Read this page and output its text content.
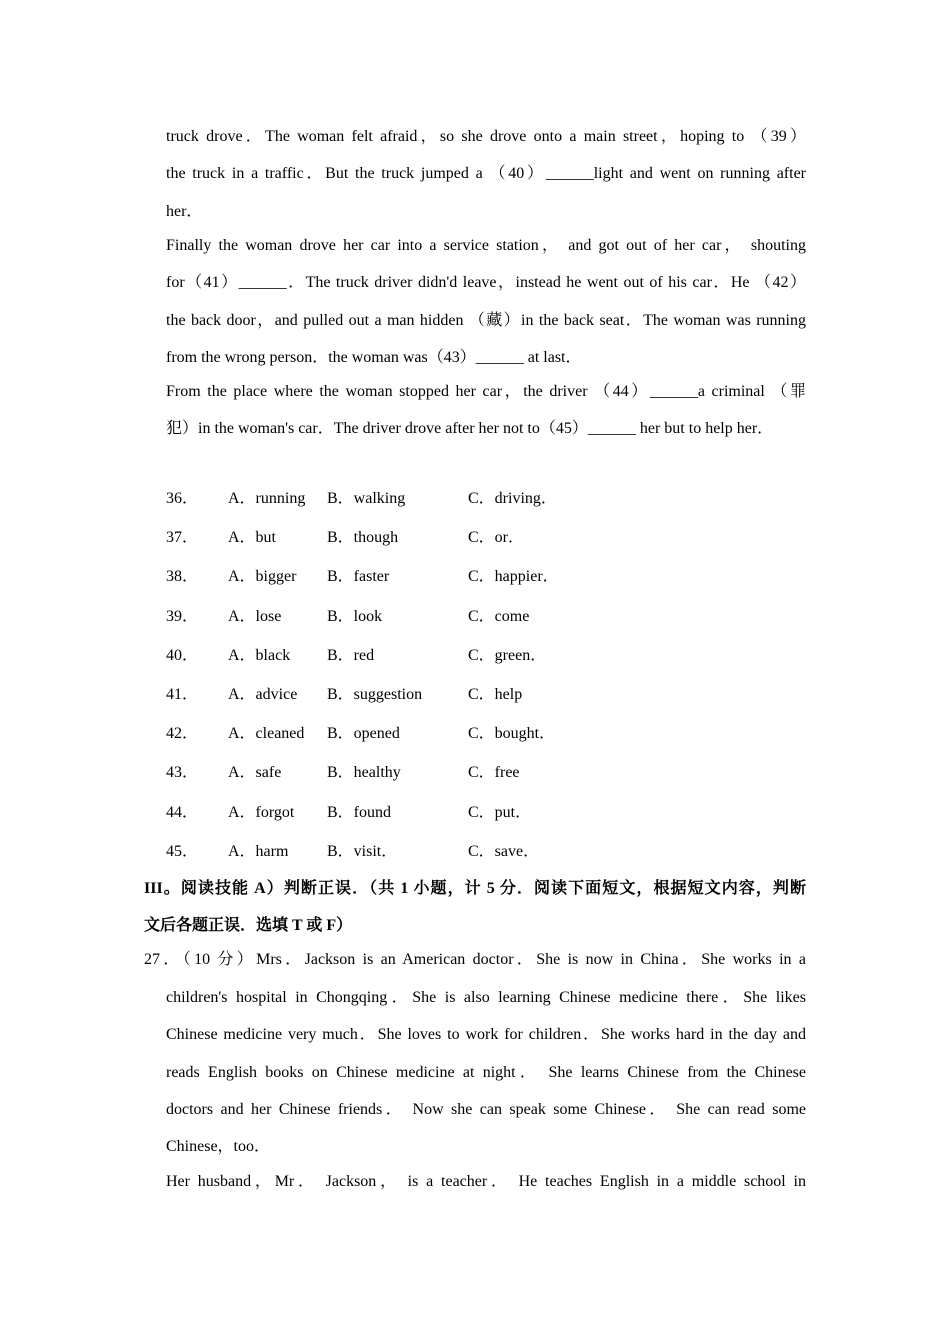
truck drove．The woman felt afraid，so she drove onto a main street，hoping to （39）
the truck in a traffic．But the truck jumped a （40）______light and went on running after
her．
Finally the woman drove her car into a service station， and got out of her car， shouting
for（41）______．The truck driver didn'd leave，instead he went out of his car．He （42）
the back door，and pulled out a man hidden （藏）in the back seat．The woman was running
from the wrong person．the woman was（43）______ at last．
From the place where the woman stopped her car，the driver （44）______a criminal （罪
犯）in the woman's car．The driver drove after her not to（45）______ her but to help her．
36． A．running B．walking	C．driving．
37． A．but	B．though	C．or．
38． A．bigger B．faster	C．happier．
39． A．lose	B．look	C．come
40． A．black B．red	C．green．
41． A．advice B．suggestion	C．help
42． A．cleaned B．opened	C．bought．
43． A．safe	B．healthy	C．free
44． A．forgot B．found	C．put．
45． A．harm B．visit．	C．save．
III。阅读技能 A）判断正误．（共 1 小题，计 5 分．阅读下面短文，根据短文内容，判断
文后各题正误．选填 T 或 F）
27．（10 分）Mrs．Jackson is an American doctor．She is now in China．She works in a
children's hospital in Chongqing．She is also learning Chinese medicine there．She likes
Chinese medicine very much．She loves to work for children．She works hard in the day and
reads English books on Chinese medicine at night． She learns Chinese from the Chinese
doctors and her Chinese friends． Now she can speak some Chinese． She can read some
Chinese，too．
Her husband，Mr． Jackson， is a teacher． He teaches English in a middle school in
